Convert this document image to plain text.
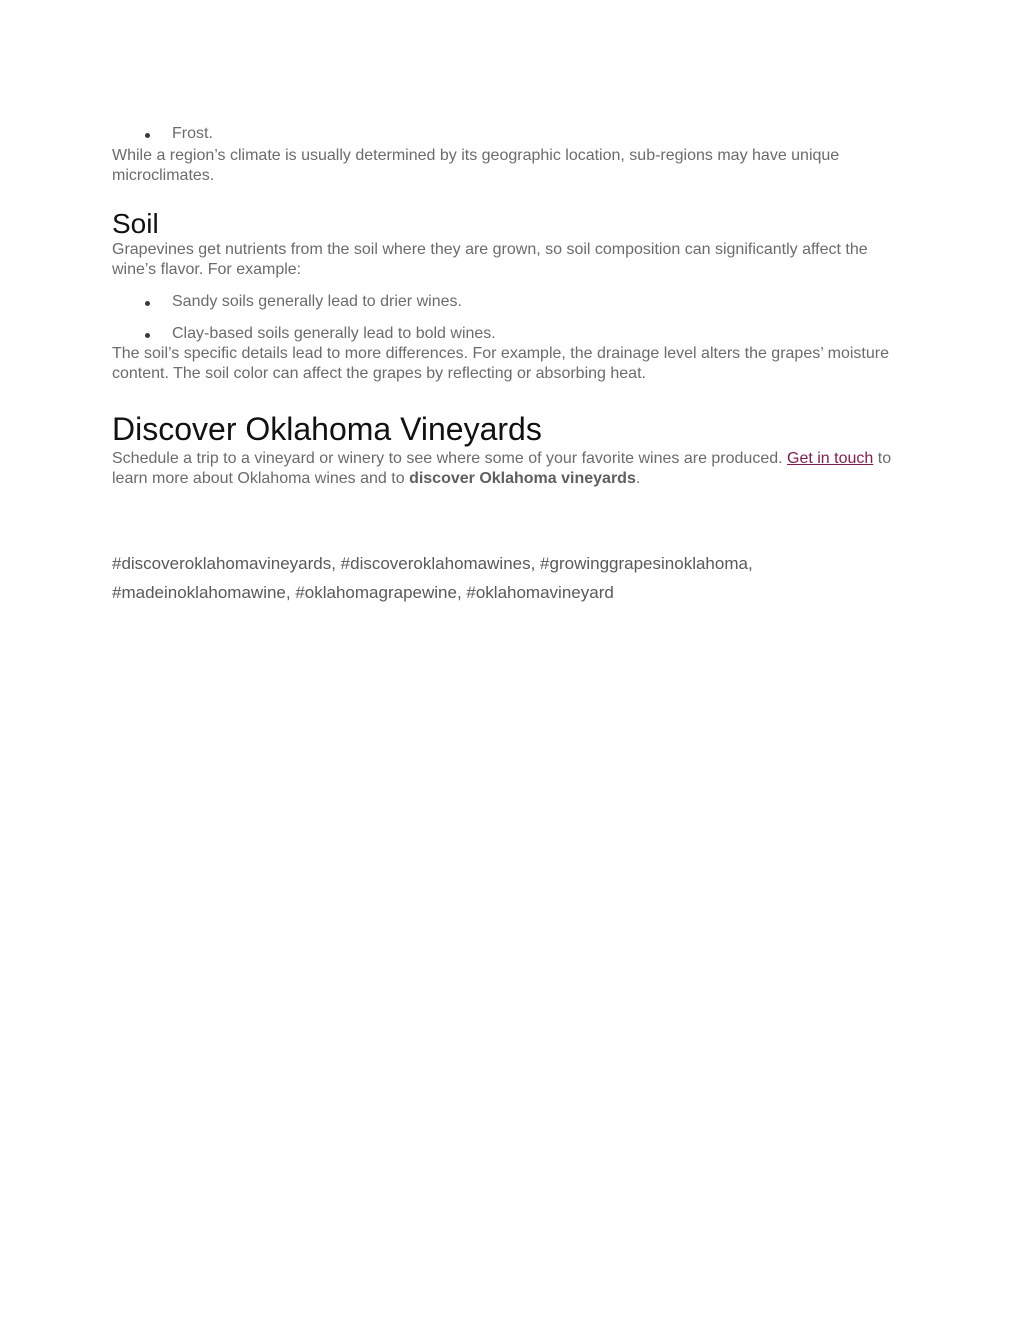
Frost.

While a region’s climate is usually determined by its geographic location, sub-regions may have unique microclimates.

Soil

Grapevines get nutrients from the soil where they are grown, so soil composition can significantly affect the wine’s flavor. For example:

Sandy soils generally lead to drier wines.
Clay-based soils generally lead to bold wines.

The soil’s specific details lead to more differences. For example, the drainage level alters the grapes’ moisture content. The soil color can affect the grapes by reflecting or absorbing heat.

Discover Oklahoma Vineyards

Schedule a trip to a vineyard or winery to see where some of your favorite wines are produced. Get in touch to learn more about Oklahoma wines and to discover Oklahoma vineyards.

#discoveroklahomavineyards, #discoveroklahomawines, #growinggrapesinoklahoma, #madeinoklahomawine, #oklahomagrapewine, #oklahomavineyard
